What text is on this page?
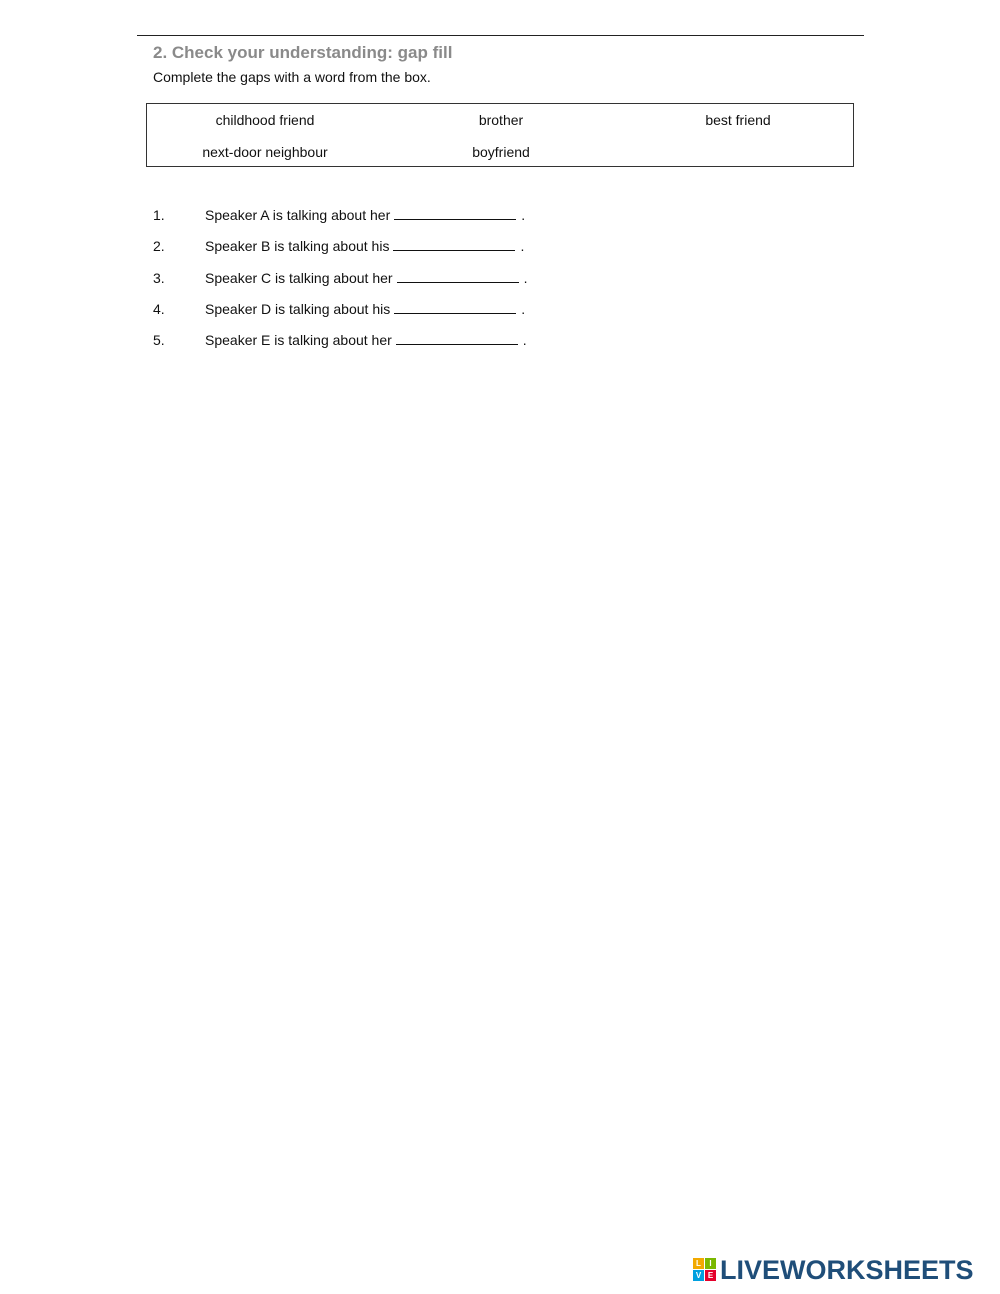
2. Check your understanding: gap fill
Complete the gaps with a word from the box.
childhood friend	brother	best friend
next-door neighbour	boyfriend
1.	Speaker A is talking about her	.
2.	Speaker B is talking about his	.
3.	Speaker C is talking about her	.
4.	Speaker D is talking about his	.
5.	Speaker E is talking about her	.
L	I
V E LIVEWORKSHEETS
